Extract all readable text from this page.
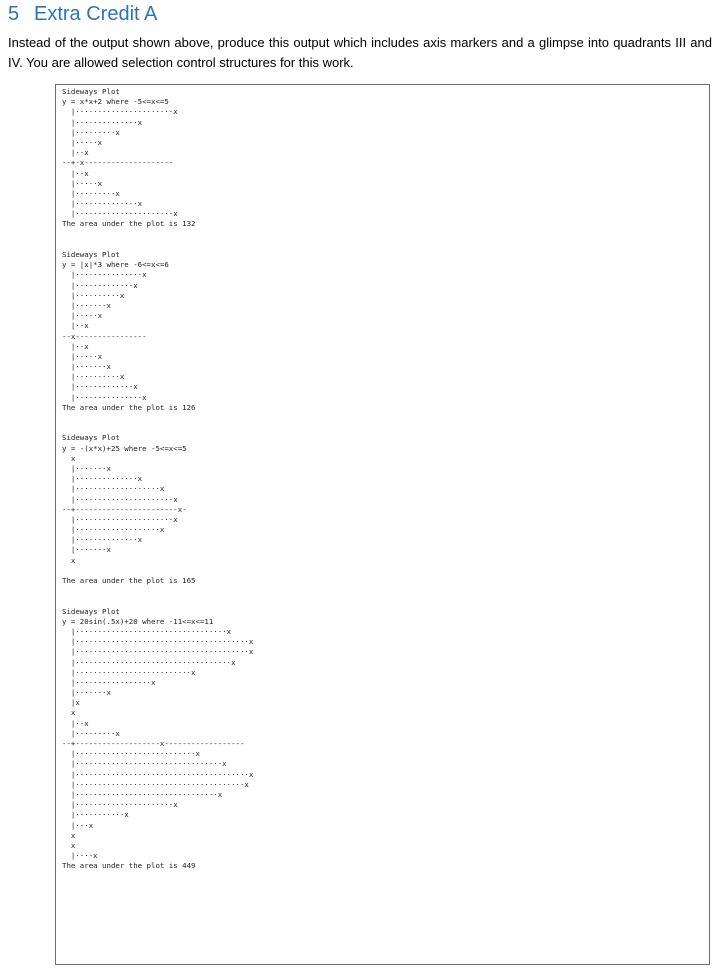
5 Extra Credit A

Instead of the output shown above, produce this output which includes axis markers and a glimpse into quadrants III and IV. You are allowed selection control structures for this work.

Sideways Plot
y = x*x+2 where -5<=x<=5
|······················x
|··············x
|·········x
|·····x
|··x
--+-x--------------------
|··x
|·····x
|·········x
|··············x
|······················x
The area under the plot is 132
Sideways Plot
y = |x|*3 where -6<=x<=6
|···············x
|·············x
|··········x
|·······x
|·····x
|··x
--x----------------
|··x
|·····x
|·······x
|··········x
|·············x
|···············x
The area under the plot is 126
Sideways Plot
y = -(x*x)+25 where -5<=x<=5
x
|·······x
|··············x
|···················x
|······················x
--+-----------------------x-
|······················x
|···················x
|··············x
|·······x
x
The area under the plot is 165
Sideways Plot
y = 20sin(.5x)+20 where -11<=x<=11
|··································x
|·······································x
|·······································x
|···································x
|··························x
|·················x
|·······x
|x
x
|··x
|·········x
--+-------------------x------------------
|···························x
|·································x
|·······································x
|······································x
|································x
|······················x
|···········x
|···x
x
x
|····x
The area under the plot is 449
